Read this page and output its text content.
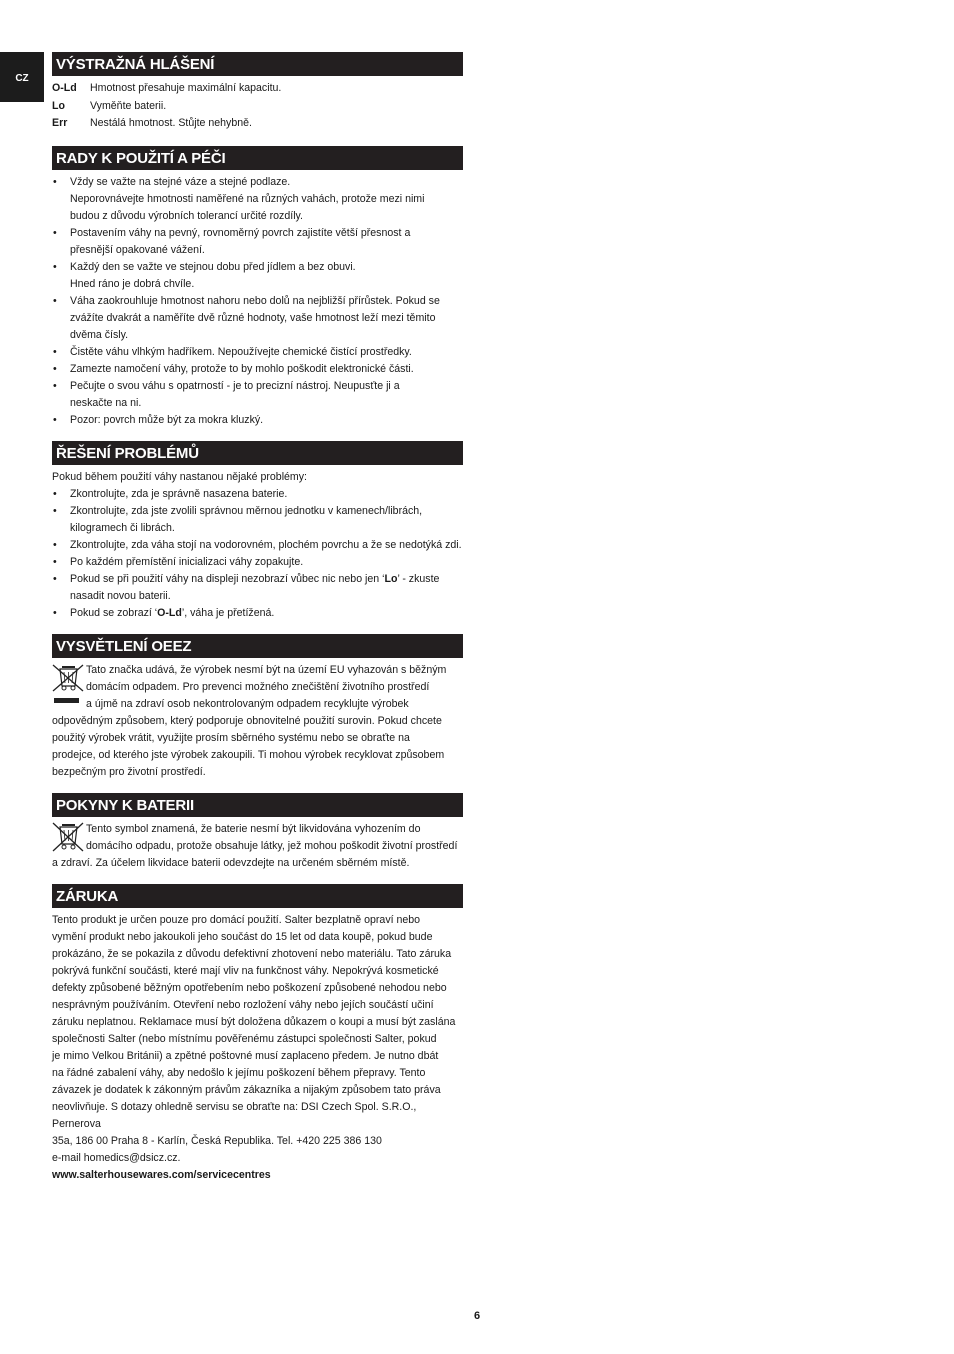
CZ
VÝSTRAŽNÁ HLÁŠENÍ
O-Ld	Hmotnost přesahuje maximální kapacitu.
Lo	Vyměňte baterii.
Err	Nestálá hmotnost. Stůjte nehybně.
RADY K POUŽITÍ A PÉČI
• Vždy se važte na stejné váze a stejné podlaze.
Neporovnávejte hmotnosti naměřené na různých vahách, protože mezi nimi
budou z důvodu výrobních tolerancí určité rozdíly.
• Postavením váhy na pevný, rovnoměrný povrch zajistíte větší přesnost a
přesnější opakované vážení.
• Každý den se važte ve stejnou dobu před jídlem a bez obuvi.
Hned ráno je dobrá chvíle.
• Váha zaokrouhluje hmotnost nahoru nebo dolů na nejbližší přírůstek. Pokud se
zvážíte dvakrát a naměříte dvě různé hodnoty, vaše hmotnost leží mezi těmito
dvěma čísly.
• Čistěte váhu vlhkým hadříkem. Nepoužívejte chemické čistící prostředky.
• Zamezte namočení váhy, protože to by mohlo poškodit elektronické části.
• Pečujte o svou váhu s opatrností - je to precizní nástroj. Neupusťte ji a
neskačte na ni.
• Pozor: povrch může být za mokra kluzký.
ŘEŠENÍ PROBLÉMŮ

Pokud během použití váhy nastanou nějaké problémy:

• Zkontrolujte, zda je správně nasazena baterie.
• Zkontrolujte, zda jste zvolili správnou měrnou jednotku v kamenech/librách,
kilogramech či librách.
• Zkontrolujte, zda váha stojí na vodorovném, plochém povrchu a že se nedotýká zdi.
• Po každém přemístění inicializaci váhy zopakujte.
• Pokud se při použití váhy na displeji nezobrazí vůbec nic nebo jen ‘Lo’ - zkuste
nasadit novou baterii.
• Pokud se zobrazí ‘O-Ld’, váha je přetížená.
VYSVĚTLENÍ OEEZ
Tato značka udává, že výrobek nesmí být na území EU vyhazován s běžným
domácím odpadem. Pro prevenci možného znečištění životního prostředí
a újmě na zdraví osob nekontrolovaným odpadem recyklujte výrobek
odpovědným způsobem, který podporuje obnovitelné použití surovin. Pokud chcete
použitý výrobek vrátit, využijte prosím sběrného systému nebo se obraťte na
prodejce, od kterého jste výrobek zakoupili. Ti mohou výrobek recyklovat způsobem
bezpečným pro životní prostředí.
POKYNY K BATERII
Tento symbol znamená, že baterie nesmí být likvidována vyhozením do
domácího odpadu, protože obsahuje látky, jež mohou poškodit životní prostředí
a zdraví. Za účelem likvidace baterii odevzdejte na určeném sběrném místě.
ZÁRUKA
Tento produkt je určen pouze pro domácí použití. Salter bezplatně opraví nebo
vymění produkt nebo jakoukoli jeho součást do 15 let od data koupě, pokud bude
prokázáno, že se pokazila z důvodu defektivní zhotovení nebo materiálu. Tato záruka
pokrývá funkční součásti, které mají vliv na funkčnost váhy. Nepokrývá kosmetické
defekty způsobené běžným opotřebením nebo poškození způsobené nehodou nebo
nesprávným používáním. Otevření nebo rozložení váhy nebo jejích součástí učiní
záruku neplatnou. Reklamace musí být doložena důkazem o koupi a musí být zaslána
společnosti Salter (nebo místnímu pověřenému zástupci společnosti Salter, pokud
je mimo Velkou Británii) a zpětné poštovné musí zaplaceno předem. Je nutno dbát
na řádné zabalení váhy, aby nedošlo k jejímu poškození během přepravy. Tento
závazek je dodatek k zákonným právům zákazníka a nijakým způsobem tato práva
neovlivňuje. S dotazy ohledně servisu se obraťte na: DSI Czech Spol. S.R.O., Pernerova
35a, 186 00 Praha 8 - Karlín, Česká Republika. Tel. +420 225 386 130
e-mail homedics@dsicz.cz.
www.salterhousewares.com/servicecentres
6
